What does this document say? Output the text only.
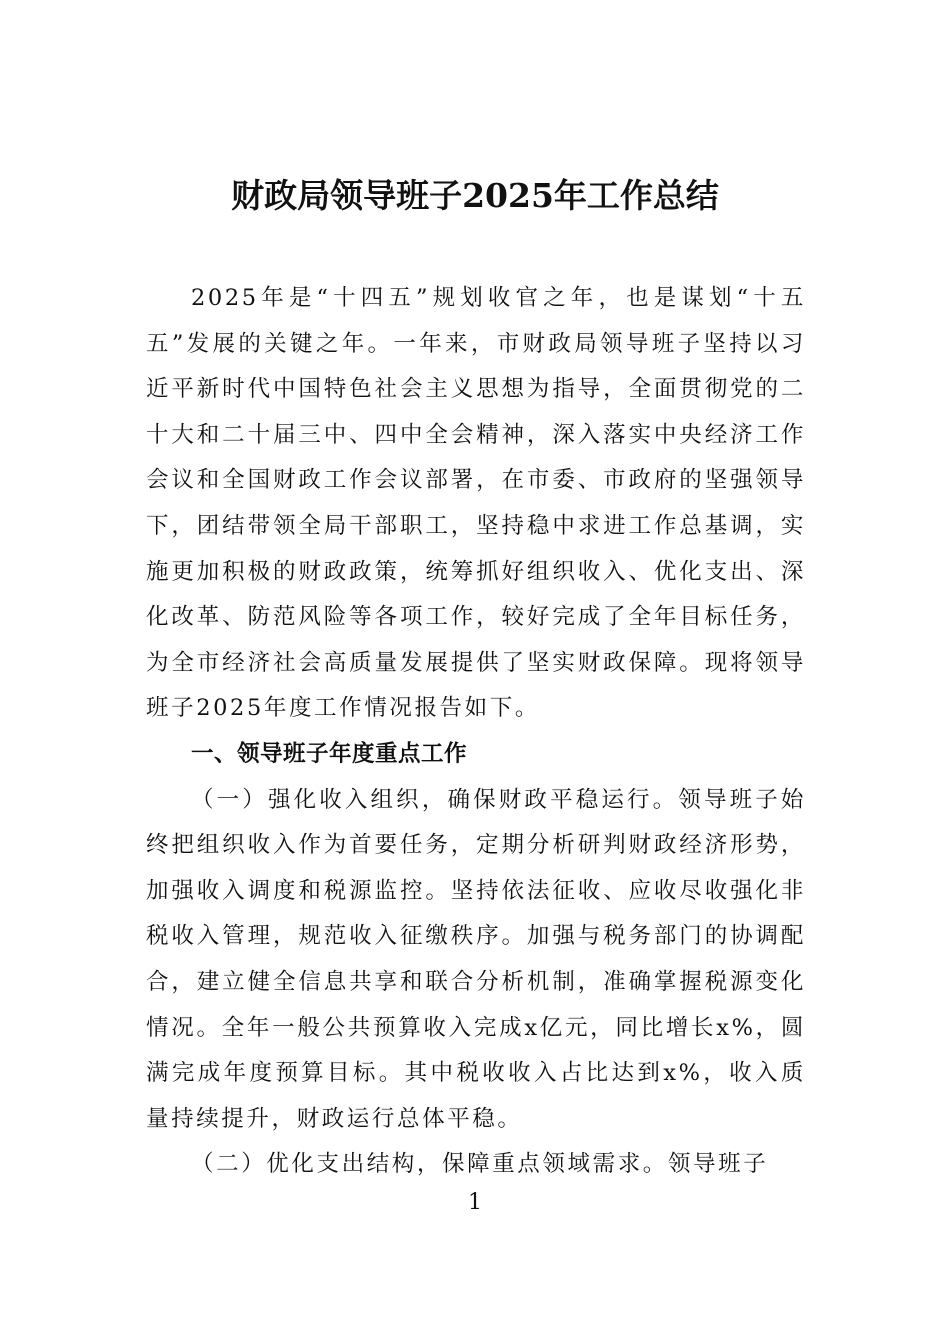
财政局领导班子2025年工作总结

2025年是“十四五”规划收官之年，也是谋划“十五五”发展的关键之年。一年来，市财政局领导班子坚持以习近平新时代中国特色社会主义思想为指导，全面贯彻党的二十大和二十届三中、四中全会精神，深入落实中央经济工作会议和全国财政工作会议部署，在市委、市政府的坚强领导下，团结带领全局干部职工，坚持稳中求进工作总基调，实施更加积极的财政政策，统筹抓好组织收入、优化支出、深化改革、防范风险等各项工作，较好完成了全年目标任务，为全市经济社会高质量发展提供了坚实财政保障。现将领导班子2025年度工作情况报告如下。

一、领导班子年度重点工作

（一）强化收入组织，确保财政平稳运行。领导班子始终把组织收入作为首要任务，定期分析研判财政经济形势，加强收入调度和税源监控。坚持依法征收、应收尽收强化非税收入管理，规范收入征缴秩序。加强与税务部门的协调配合，建立健全信息共享和联合分析机制，准确掌握税源变化情况。全年一般公共预算收入完成x亿元，同比增长x%，圆满完成年度预算目标。其中税收收入占比达到x%，收入质量持续提升，财政运行总体平稳。

（二）优化支出结构，保障重点领域需求。领导班子

1
